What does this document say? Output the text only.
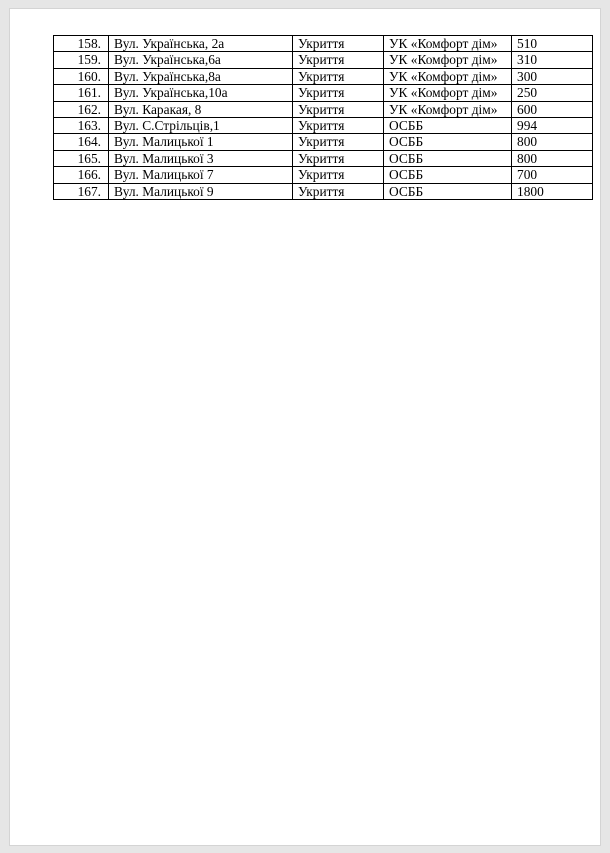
158.	Вул. Українська, 2а	Укриття	УК «Комфорт дім»	510
159.	Вул. Українська,6а	Укриття	УК «Комфорт дім»	310
160.	Вул. Українська,8а	Укриття	УК «Комфорт дім»	300
161.	Вул. Українська,10а	Укриття	УК «Комфорт дім»	250
162.	Вул. Каракая, 8	Укриття	УК «Комфорт дім»	600
163.	Вул. С.Стрільців,1	Укриття	ОСББ	994
164.	Вул. Малицької 1	Укриття	ОСББ	800
165.	Вул. Малицької 3	Укриття	ОСББ	800
166.	Вул. Малицької 7	Укриття	ОСББ	700
167.	Вул. Малицької 9	Укриття	ОСББ	1800
